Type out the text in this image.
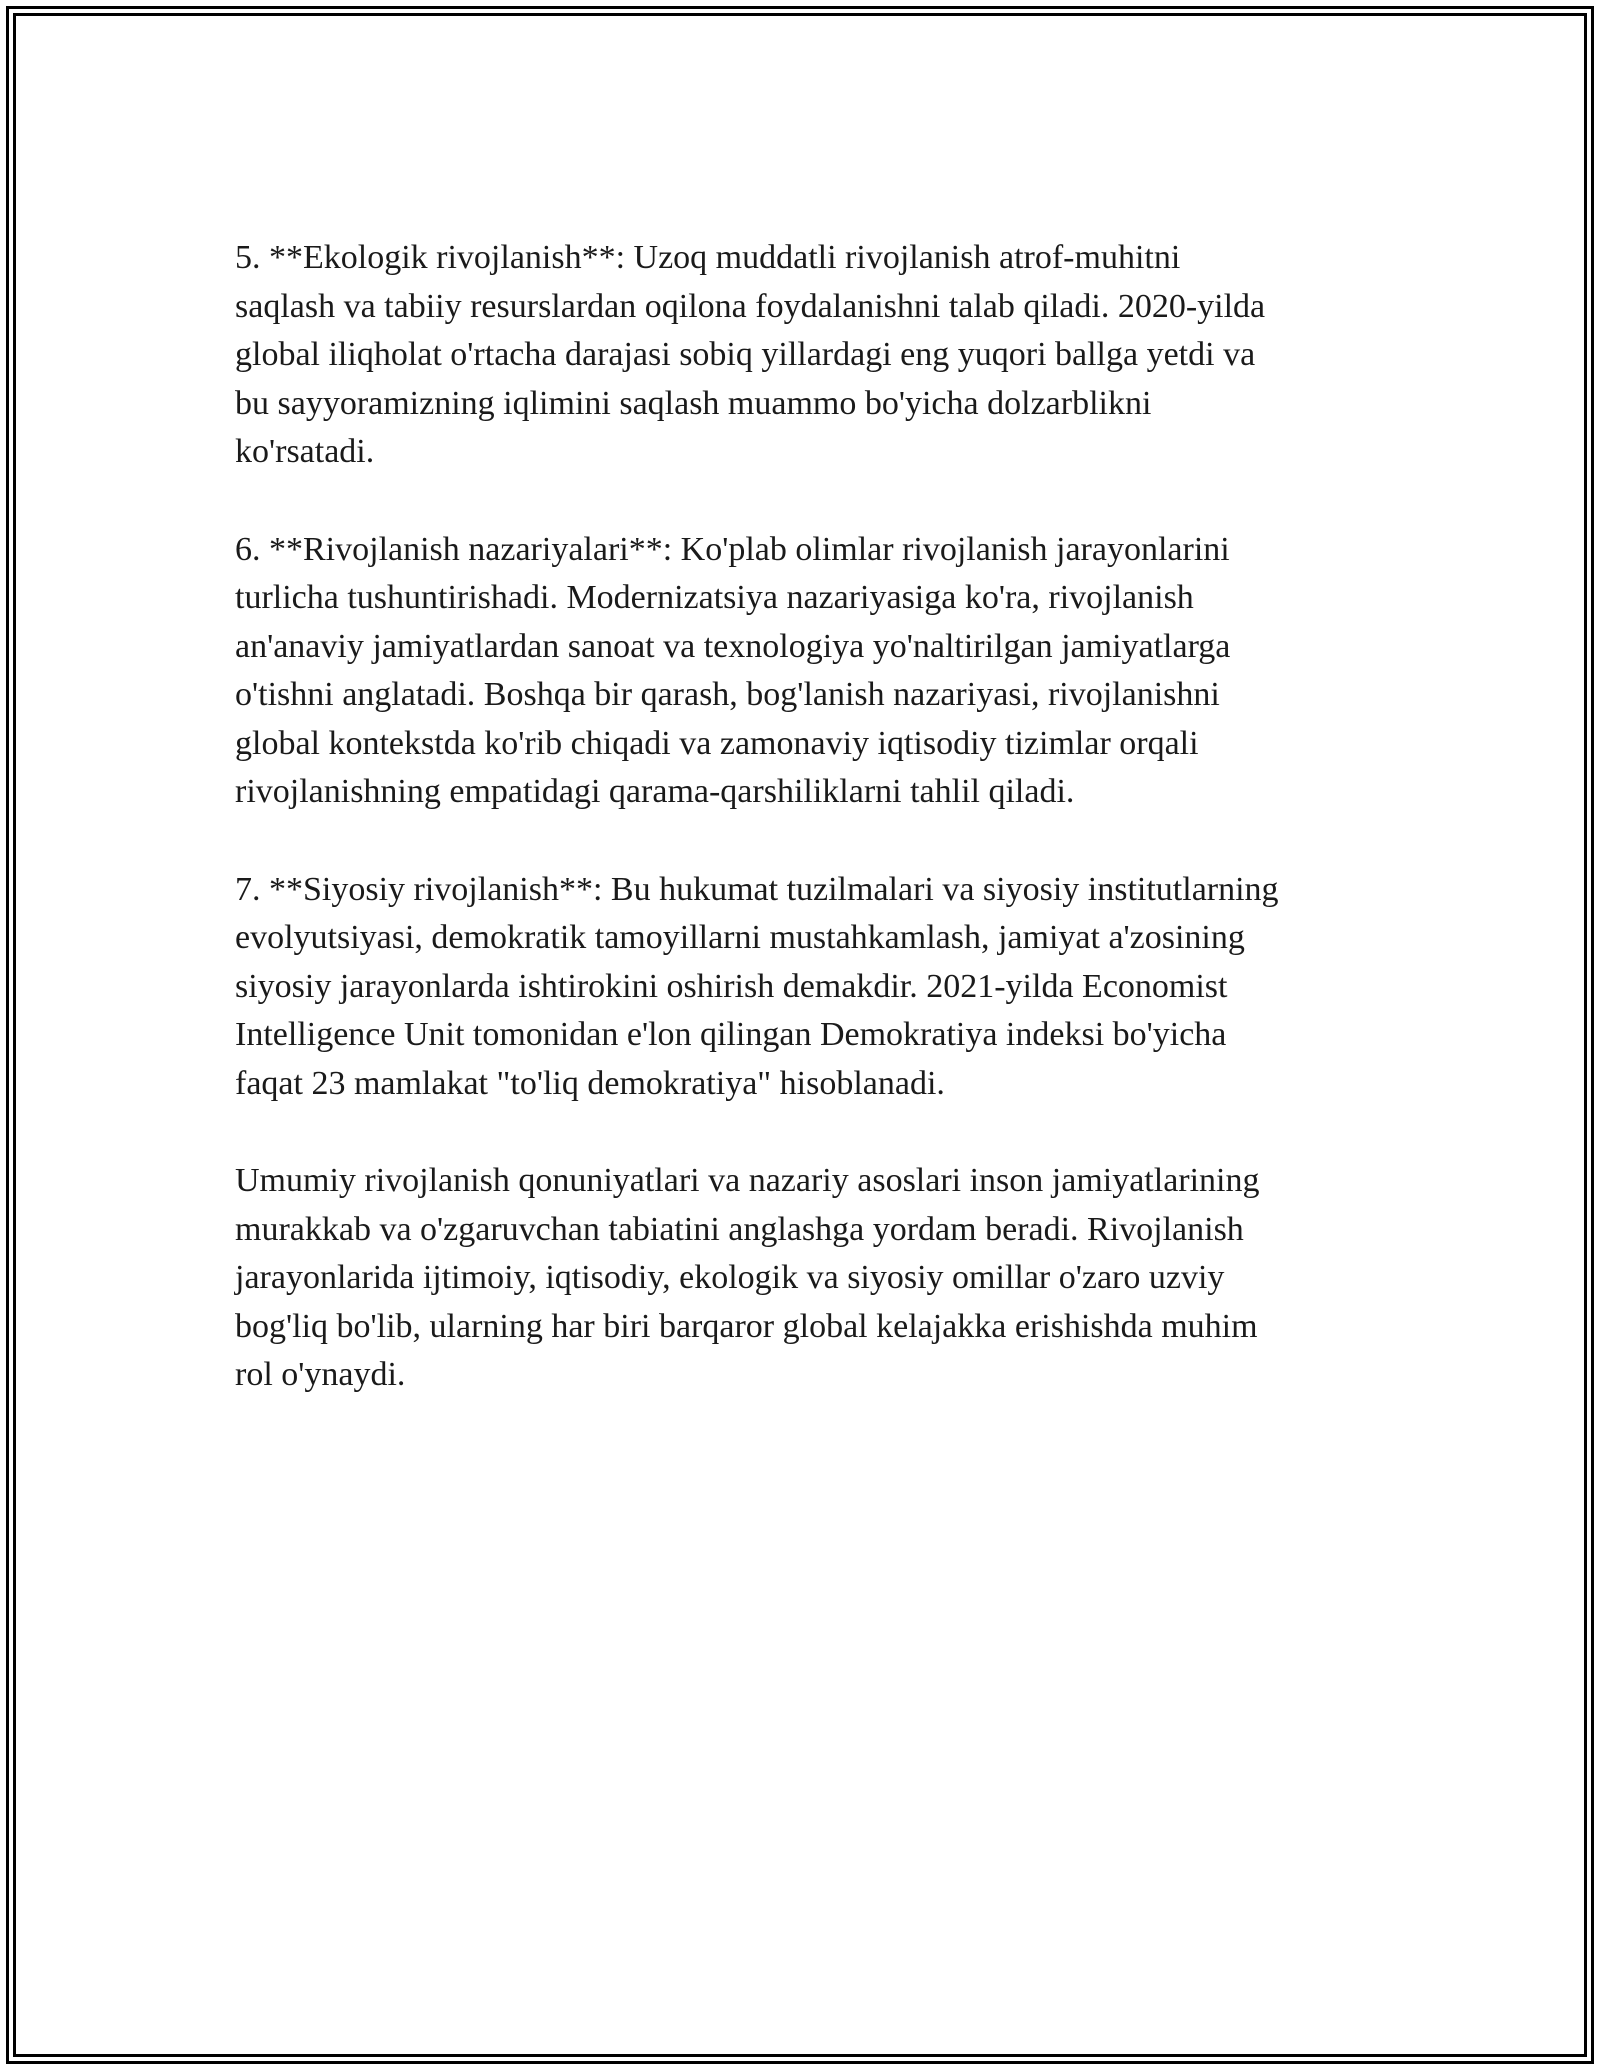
5. **Ekologik rivojlanish**: Uzoq muddatli rivojlanish atrof-muhitni
saqlash va tabiiy resurslardan oqilona foydalanishni talab qiladi. 2020-yilda
global iliqholat o'rtacha darajasi sobiq yillardagi eng yuqori ballga yetdi va
bu sayyoramizning iqlimini saqlash muammo bo'yicha dolzarblikni
ko'rsatadi.

6. **Rivojlanish nazariyalari**: Ko'plab olimlar rivojlanish jarayonlarini
turlicha tushuntirishadi. Modernizatsiya nazariyasiga ko'ra, rivojlanish
an'anaviy jamiyatlardan sanoat va texnologiya yo'naltirilgan jamiyatlarga
o'tishni anglatadi. Boshqa bir qarash, bog'lanish nazariyasi, rivojlanishni
global kontekstda ko'rib chiqadi va zamonaviy iqtisodiy tizimlar orqali
rivojlanishning empatidagi qarama-qarshiliklarni tahlil qiladi.

7. **Siyosiy rivojlanish**: Bu hukumat tuzilmalari va siyosiy institutlarning
evolyutsiyasi, demokratik tamoyillarni mustahkamlash, jamiyat a'zosining
siyosiy jarayonlarda ishtirokini oshirish demakdir. 2021-yilda Economist
Intelligence Unit tomonidan e'lon qilingan Demokratiya indeksi bo'yicha
faqat 23 mamlakat "to'liq demokratiya" hisoblanadi.

Umumiy rivojlanish qonuniyatlari va nazariy asoslari inson jamiyatlarining
murakkab va o'zgaruvchan tabiatini anglashga yordam beradi. Rivojlanish
jarayonlarida ijtimoiy, iqtisodiy, ekologik va siyosiy omillar o'zaro uzviy
bog'liq bo'lib, ularning har biri barqaror global kelajakka erishishda muhim
rol o'ynaydi.
